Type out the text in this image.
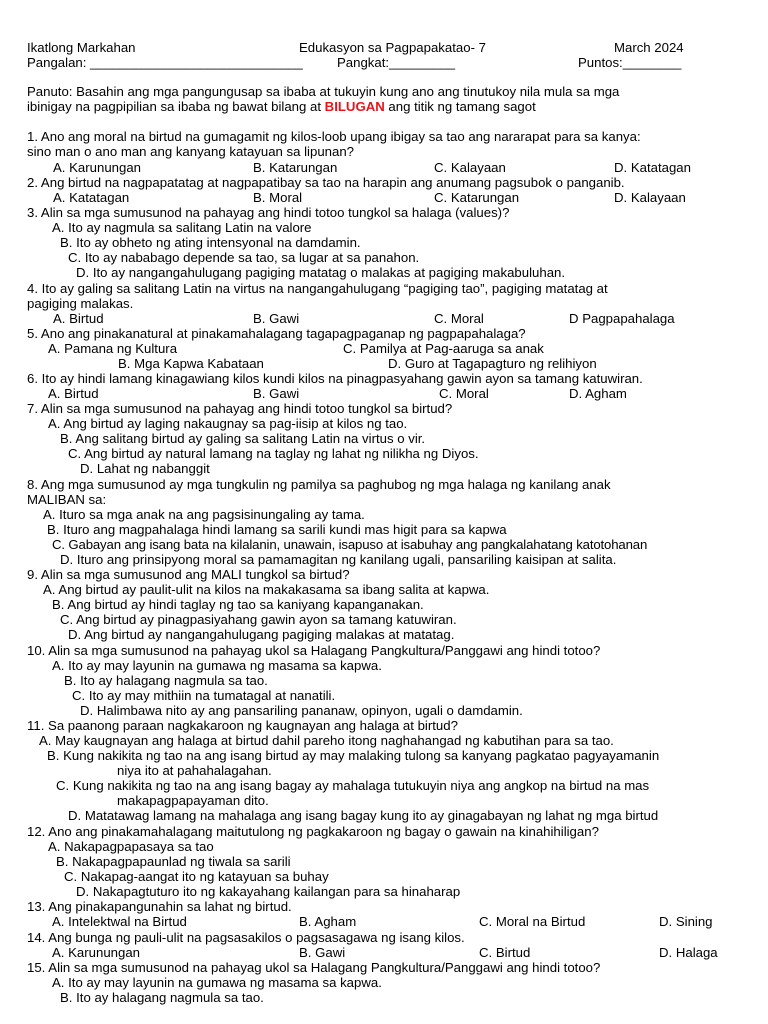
Ikatlong Markahan	Edukasyon sa Pagpapakatao- 7	March 2024
Pangalan: _____________________________	Pangkat:_________	Puntos:________
Panuto: Basahin ang mga pangungusap sa ibaba at tukuyin kung ano ang tinutukoy nila mula sa mga
ibinigay na pagpipilian sa ibaba ng bawat bilang at BILUGAN ang titik ng tamang sagot
1. Ano ang moral na birtud na gumagamit ng kilos-loob upang ibigay sa tao ang nararapat para sa kanya:
sino man o ano man ang kanyang katayuan sa lipunan?
A. Karunungan	B. Katarungan	C. Kalayaan	D. Katatagan
2. Ang birtud na nagpapatatag at nagpapatibay sa tao na harapin ang anumang pagsubok o panganib.
A. Katatagan	B. Moral	C. Katarungan	D. Kalayaan
3. Alin sa mga sumusunod na pahayag ang hindi totoo tungkol sa halaga (values)?
A. Ito ay nagmula sa salitang Latin na valore
B. Ito ay obheto ng ating intensyonal na damdamin.
C. Ito ay nababago depende sa tao, sa lugar at sa panahon.
D. Ito ay nangangahulugang pagiging matatag o malakas at pagiging makabuluhan.
4. Ito ay galing sa salitang Latin na virtus na nangangahulugang “pagiging tao”, pagiging matatag at
pagiging malakas.
A. Birtud	B. Gawi	C. Moral	D Pagpapahalaga
5. Ano ang pinakanatural at pinakamahalagang tagapagpaganap ng pagpapahalaga?
A. Pamana ng Kultura	C. Pamilya at Pag-aaruga sa anak
B. Mga Kapwa Kabataan	D. Guro at Tagapagturo ng relihiyon
6. Ito ay hindi lamang kinagawiang kilos kundi kilos na pinagpasyahang gawin ayon sa tamang katuwiran.
A. Birtud	B. Gawi	C. Moral	D. Agham
7. Alin sa mga sumusunod na pahayag ang hindi totoo tungkol sa birtud?
A. Ang birtud ay laging nakaugnay sa pag-iisip at kilos ng tao.
B. Ang salitang birtud ay galing sa salitang Latin na virtus o vir.
C. Ang birtud ay natural lamang na taglay ng lahat ng nilikha ng Diyos.
D. Lahat ng nabanggit
8. Ang mga sumusunod ay mga tungkulin ng pamilya sa paghubog ng mga halaga ng kanilang anak
MALIBAN sa:
A. Ituro sa mga anak na ang pagsisinungaling ay tama.
B. Ituro ang magpahalaga hindi lamang sa sarili kundi mas higit para sa kapwa
C. Gabayan ang isang bata na kilalanin, unawain, isapuso at isabuhay ang pangkalahatang katotohanan
D. Ituro ang prinsipyong moral sa pamamagitan ng kanilang ugali, pansariling kaisipan at salita.
9. Alin sa mga sumusunod ang MALI tungkol sa birtud?
A. Ang birtud ay paulit-ulit na kilos na makakasama sa ibang salita at kapwa.
B. Ang birtud ay hindi taglay ng tao sa kaniyang kapanganakan.
C. Ang birtud ay pinagpasiyahang gawin ayon sa tamang katuwiran.
D. Ang birtud ay nangangahulugang pagiging malakas at matatag.
10. Alin sa mga sumusunod na pahayag ukol sa Halagang Pangkultura/Panggawi ang hindi totoo?
A. Ito ay may layunin na gumawa ng masama sa kapwa.
B. Ito ay halagang nagmula sa tao.
C. Ito ay may mithiin na tumatagal at nanatili.
D. Halimbawa nito ay ang pansariling pananaw, opinyon, ugali o damdamin.
11. Sa paanong paraan nagkakaroon ng kaugnayan ang halaga at birtud?
A. May kaugnayan ang halaga at birtud dahil pareho itong naghahangad ng kabutihan para sa tao.
B. Kung nakikita ng tao na ang isang birtud ay may malaking tulong sa kanyang pagkatao pagyayamanin
niya ito at pahahalagahan.
C. Kung nakikita ng tao na ang isang bagay ay mahalaga tutukuyin niya ang angkop na birtud na mas
makapagpapayaman dito.
D. Matatawag lamang na mahalaga ang isang bagay kung ito ay ginagabayan ng lahat ng mga birtud
12. Ano ang pinakamahalagang maitutulong ng pagkakaroon ng bagay o gawain na kinahihiligan?
A. Nakapagpapasaya sa tao
B. Nakapagpapaunlad ng tiwala sa sarili
C. Nakapag-aangat ito ng katayuan sa buhay
D. Nakapagtuturo ito ng kakayahang kailangan para sa hinaharap
13. Ang pinakapangunahin sa lahat ng birtud.
A. Intelektwal na Birtud	B. Agham	C. Moral na Birtud	D. Sining
14. Ang bunga ng pauli-ulit na pagsasakilos o pagsasagawa ng isang kilos.
A. Karunungan	B. Gawi	C. Birtud	D. Halaga
15. Alin sa mga sumusunod na pahayag ukol sa Halagang Pangkultura/Panggawi ang hindi totoo?
A. Ito ay may layunin na gumawa ng masama sa kapwa.
B. Ito ay halagang nagmula sa tao.
